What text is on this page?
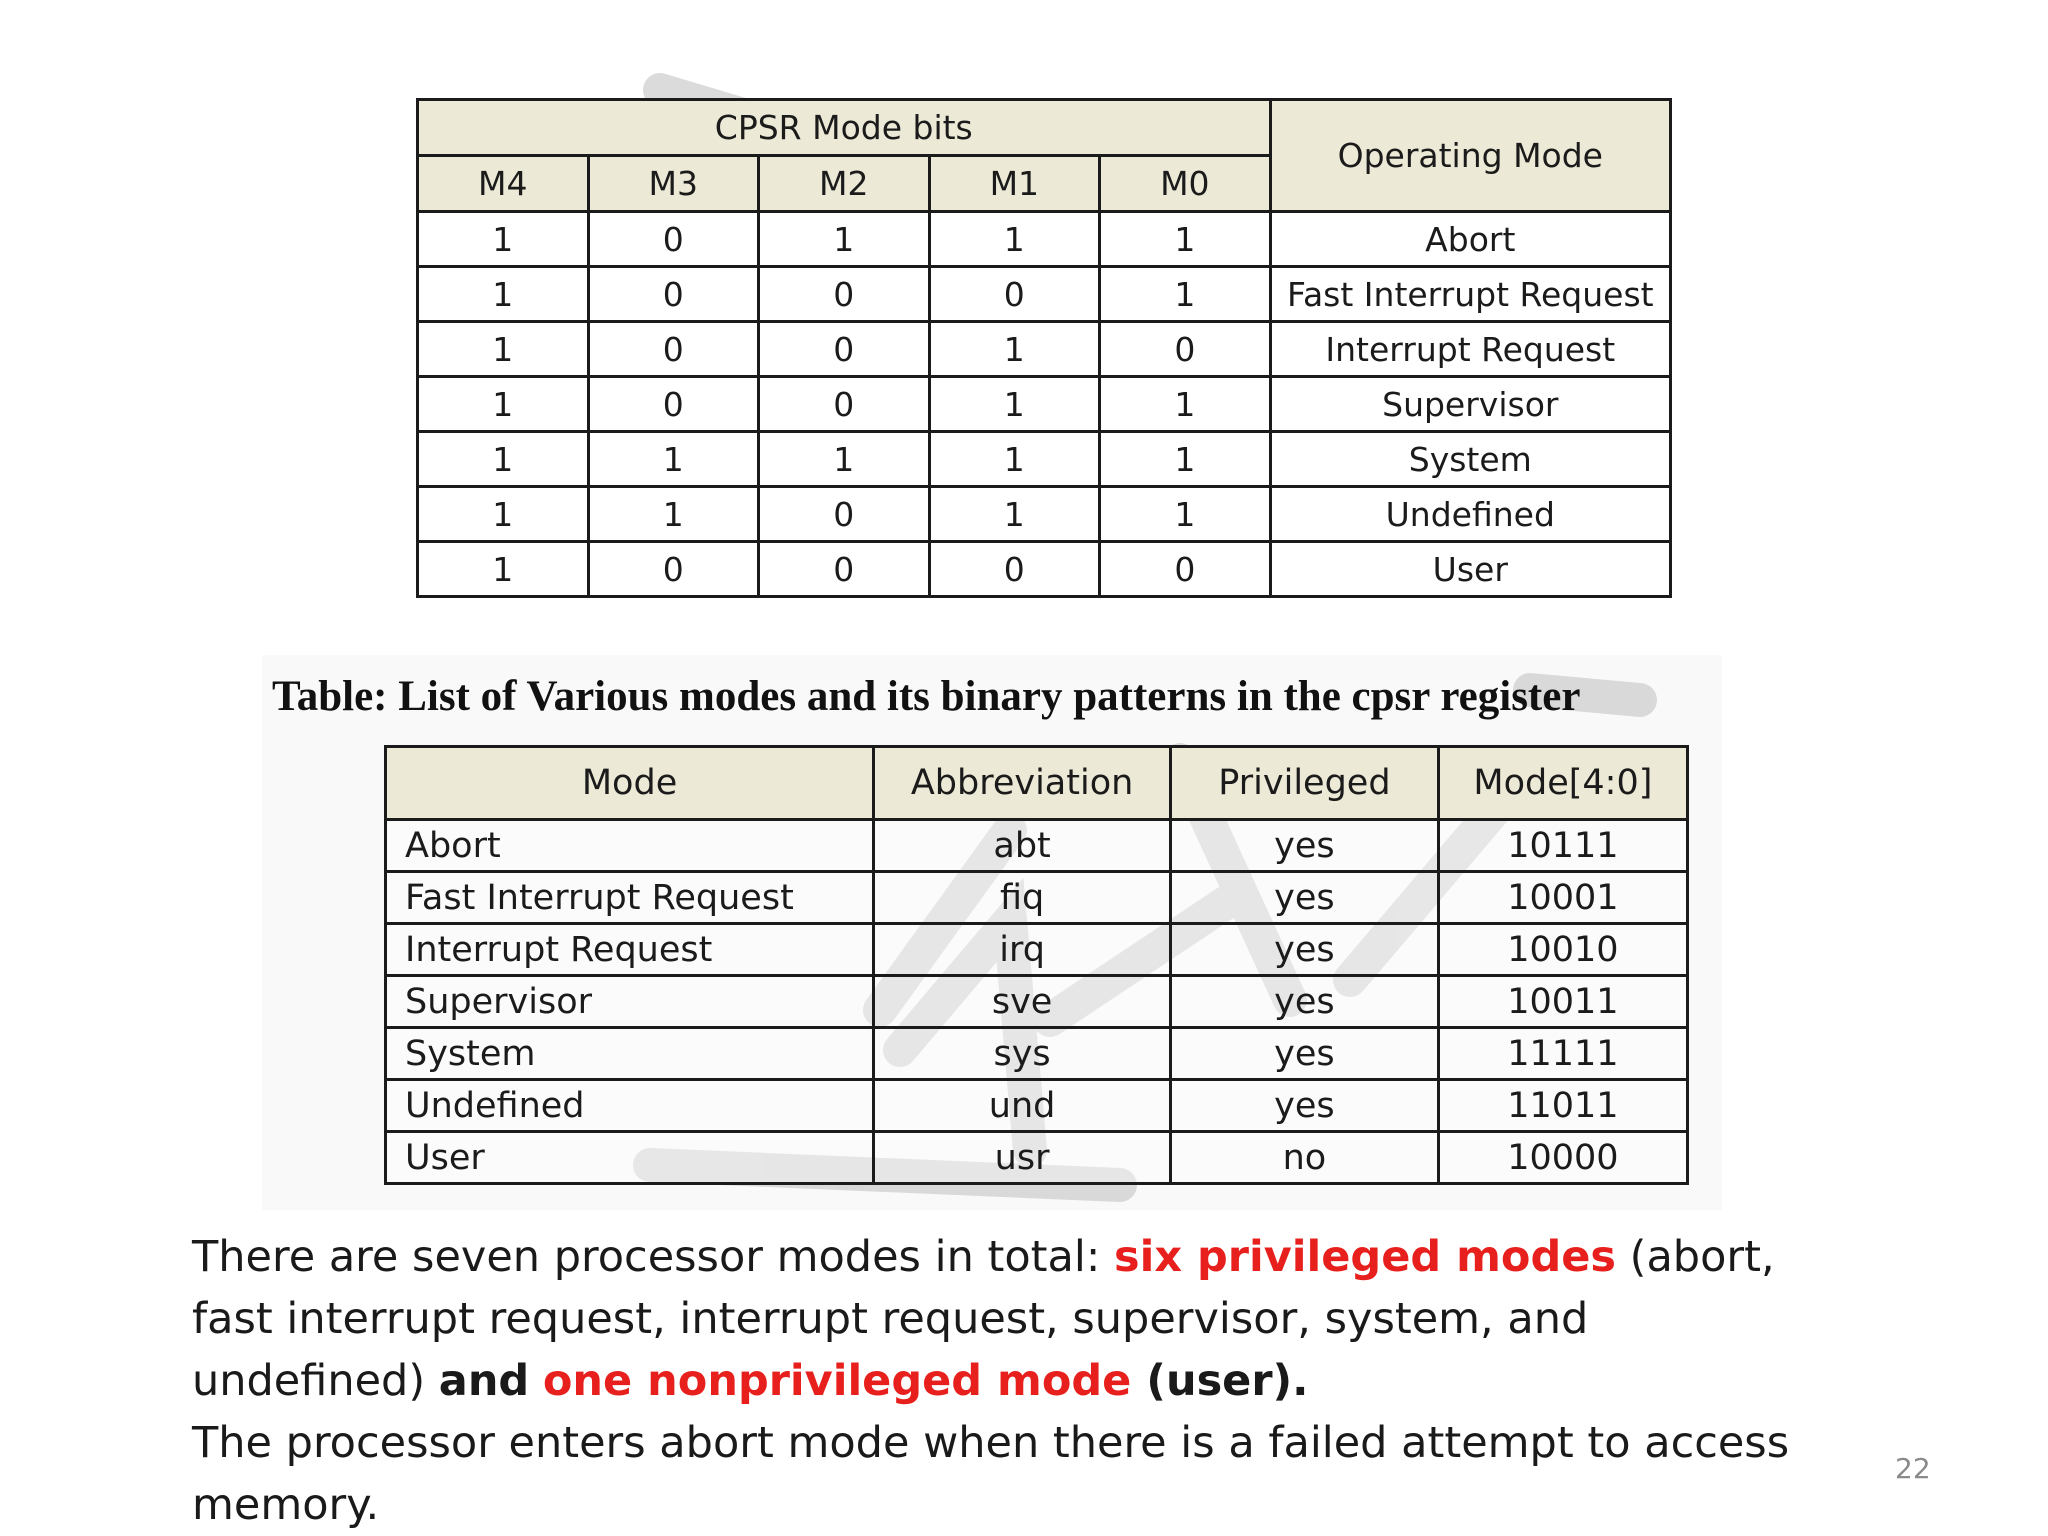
CPSR Mode bits					Operating Mode
M4	M3	M2	M1	M0	
1	0	1	1	1	Abort
1	0	0	0	1	Fast Interrupt Request
1	0	0	1	0	Interrupt Request
1	0	0	1	1	Supervisor
1	1	1	1	1	System
1	1	0	1	1	Undefined
1	0	0	0	0	User
Table: List of Various modes and its binary patterns in the cpsr register
Mode	Abbreviation	Privileged	Mode[4:0]
Abort	abt	yes	10111
Fast Interrupt Request	fiq	yes	10001
Interrupt Request	irq	yes	10010
Supervisor	sve	yes	10011
System	sys	yes	11111
Undefined	und	yes	11011
User	usr	no	10000

There are seven processor modes in total: six privileged modes (abort, fast interrupt request, interrupt request, supervisor, system, and undefined) and one nonprivileged mode (user).

The processor enters abort mode when there is a failed attempt to access memory.

22
